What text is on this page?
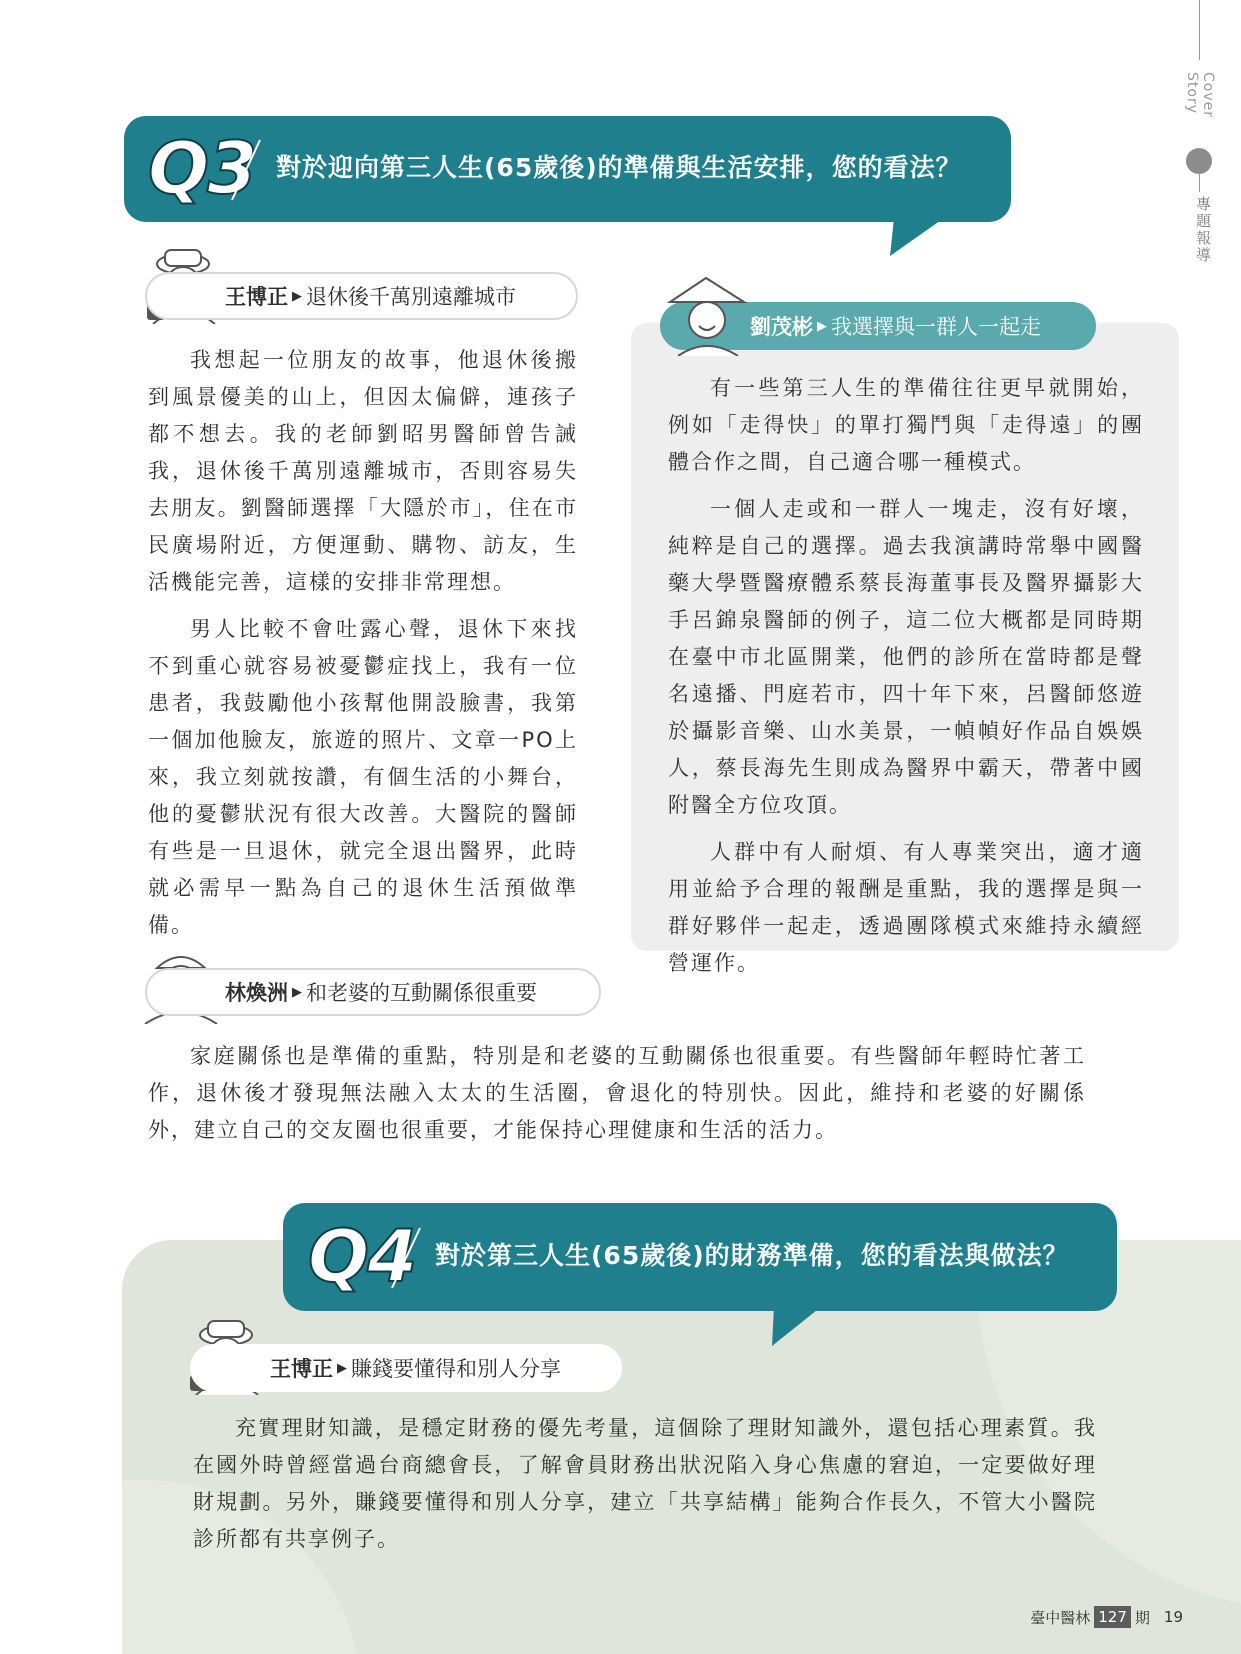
Cover Story
專題報導
Q3 對於迎向第三人生(65歲後)的準備與生活安排，您的看法？
王博正 ▶ 退休後千萬別遠離城市

我想起一位朋友的故事，他退休後搬到風景優美的山上，但因太偏僻，連孩子都不想去。我的老師劉昭男醫師曾告誡我，退休後千萬別遠離城市，否則容易失去朋友。劉醫師選擇「大隱於市」，住在市民廣場附近，方便運動、購物、訪友，生活機能完善，這樣的安排非常理想。

男人比較不會吐露心聲，退休下來找不到重心就容易被憂鬱症找上，我有一位患者，我鼓勵他小孩幫他開設臉書，我第一個加他臉友，旅遊的照片、文章一PO上來，我立刻就按讚，有個生活的小舞台，他的憂鬱狀況有很大改善。大醫院的醫師有些是一旦退休，就完全退出醫界，此時就必需早一點為自己的退休生活預做準備。

劉茂彬 ▶ 我選擇與一群人一起走

有一些第三人生的準備往往更早就開始，例如「走得快」的單打獨鬥與「走得遠」的團體合作之間，自己適合哪一種模式。

一個人走或和一群人一塊走，沒有好壞，純粹是自己的選擇。過去我演講時常舉中國醫藥大學暨醫療體系蔡長海董事長及醫界攝影大手呂錦泉醫師的例子，這二位大概都是同時期在臺中市北區開業，他們的診所在當時都是聲名遠播、門庭若市，四十年下來，呂醫師悠遊於攝影音樂、山水美景，一幀幀好作品自娛娛人，蔡長海先生則成為醫界中霸天，帶著中國附醫全方位攻頂。

人群中有人耐煩、有人專業突出，適才適用並給予合理的報酬是重點，我的選擇是與一群好夥伴一起走，透過團隊模式來維持永續經營運作。

林煥洲 ▶ 和老婆的互動關係很重要

家庭關係也是準備的重點，特別是和老婆的互動關係也很重要。有些醫師年輕時忙著工作，退休後才發現無法融入太太的生活圈，會退化的特別快。因此，維持和老婆的好關係外，建立自己的交友圈也很重要，才能保持心理健康和生活的活力。

Q4 對於第三人生(65歲後)的財務準備，您的看法與做法？
王博正 ▶ 賺錢要懂得和別人分享

充實理財知識，是穩定財務的優先考量，這個除了理財知識外，還包括心理素質。我在國外時曾經當過台商總會長，了解會員財務出狀況陷入身心焦慮的窘迫，一定要做好理財規劃。另外，賺錢要懂得和別人分享，建立「共享結構」能夠合作長久，不管大小醫院診所都有共享例子。

臺中醫林 127 期 19
